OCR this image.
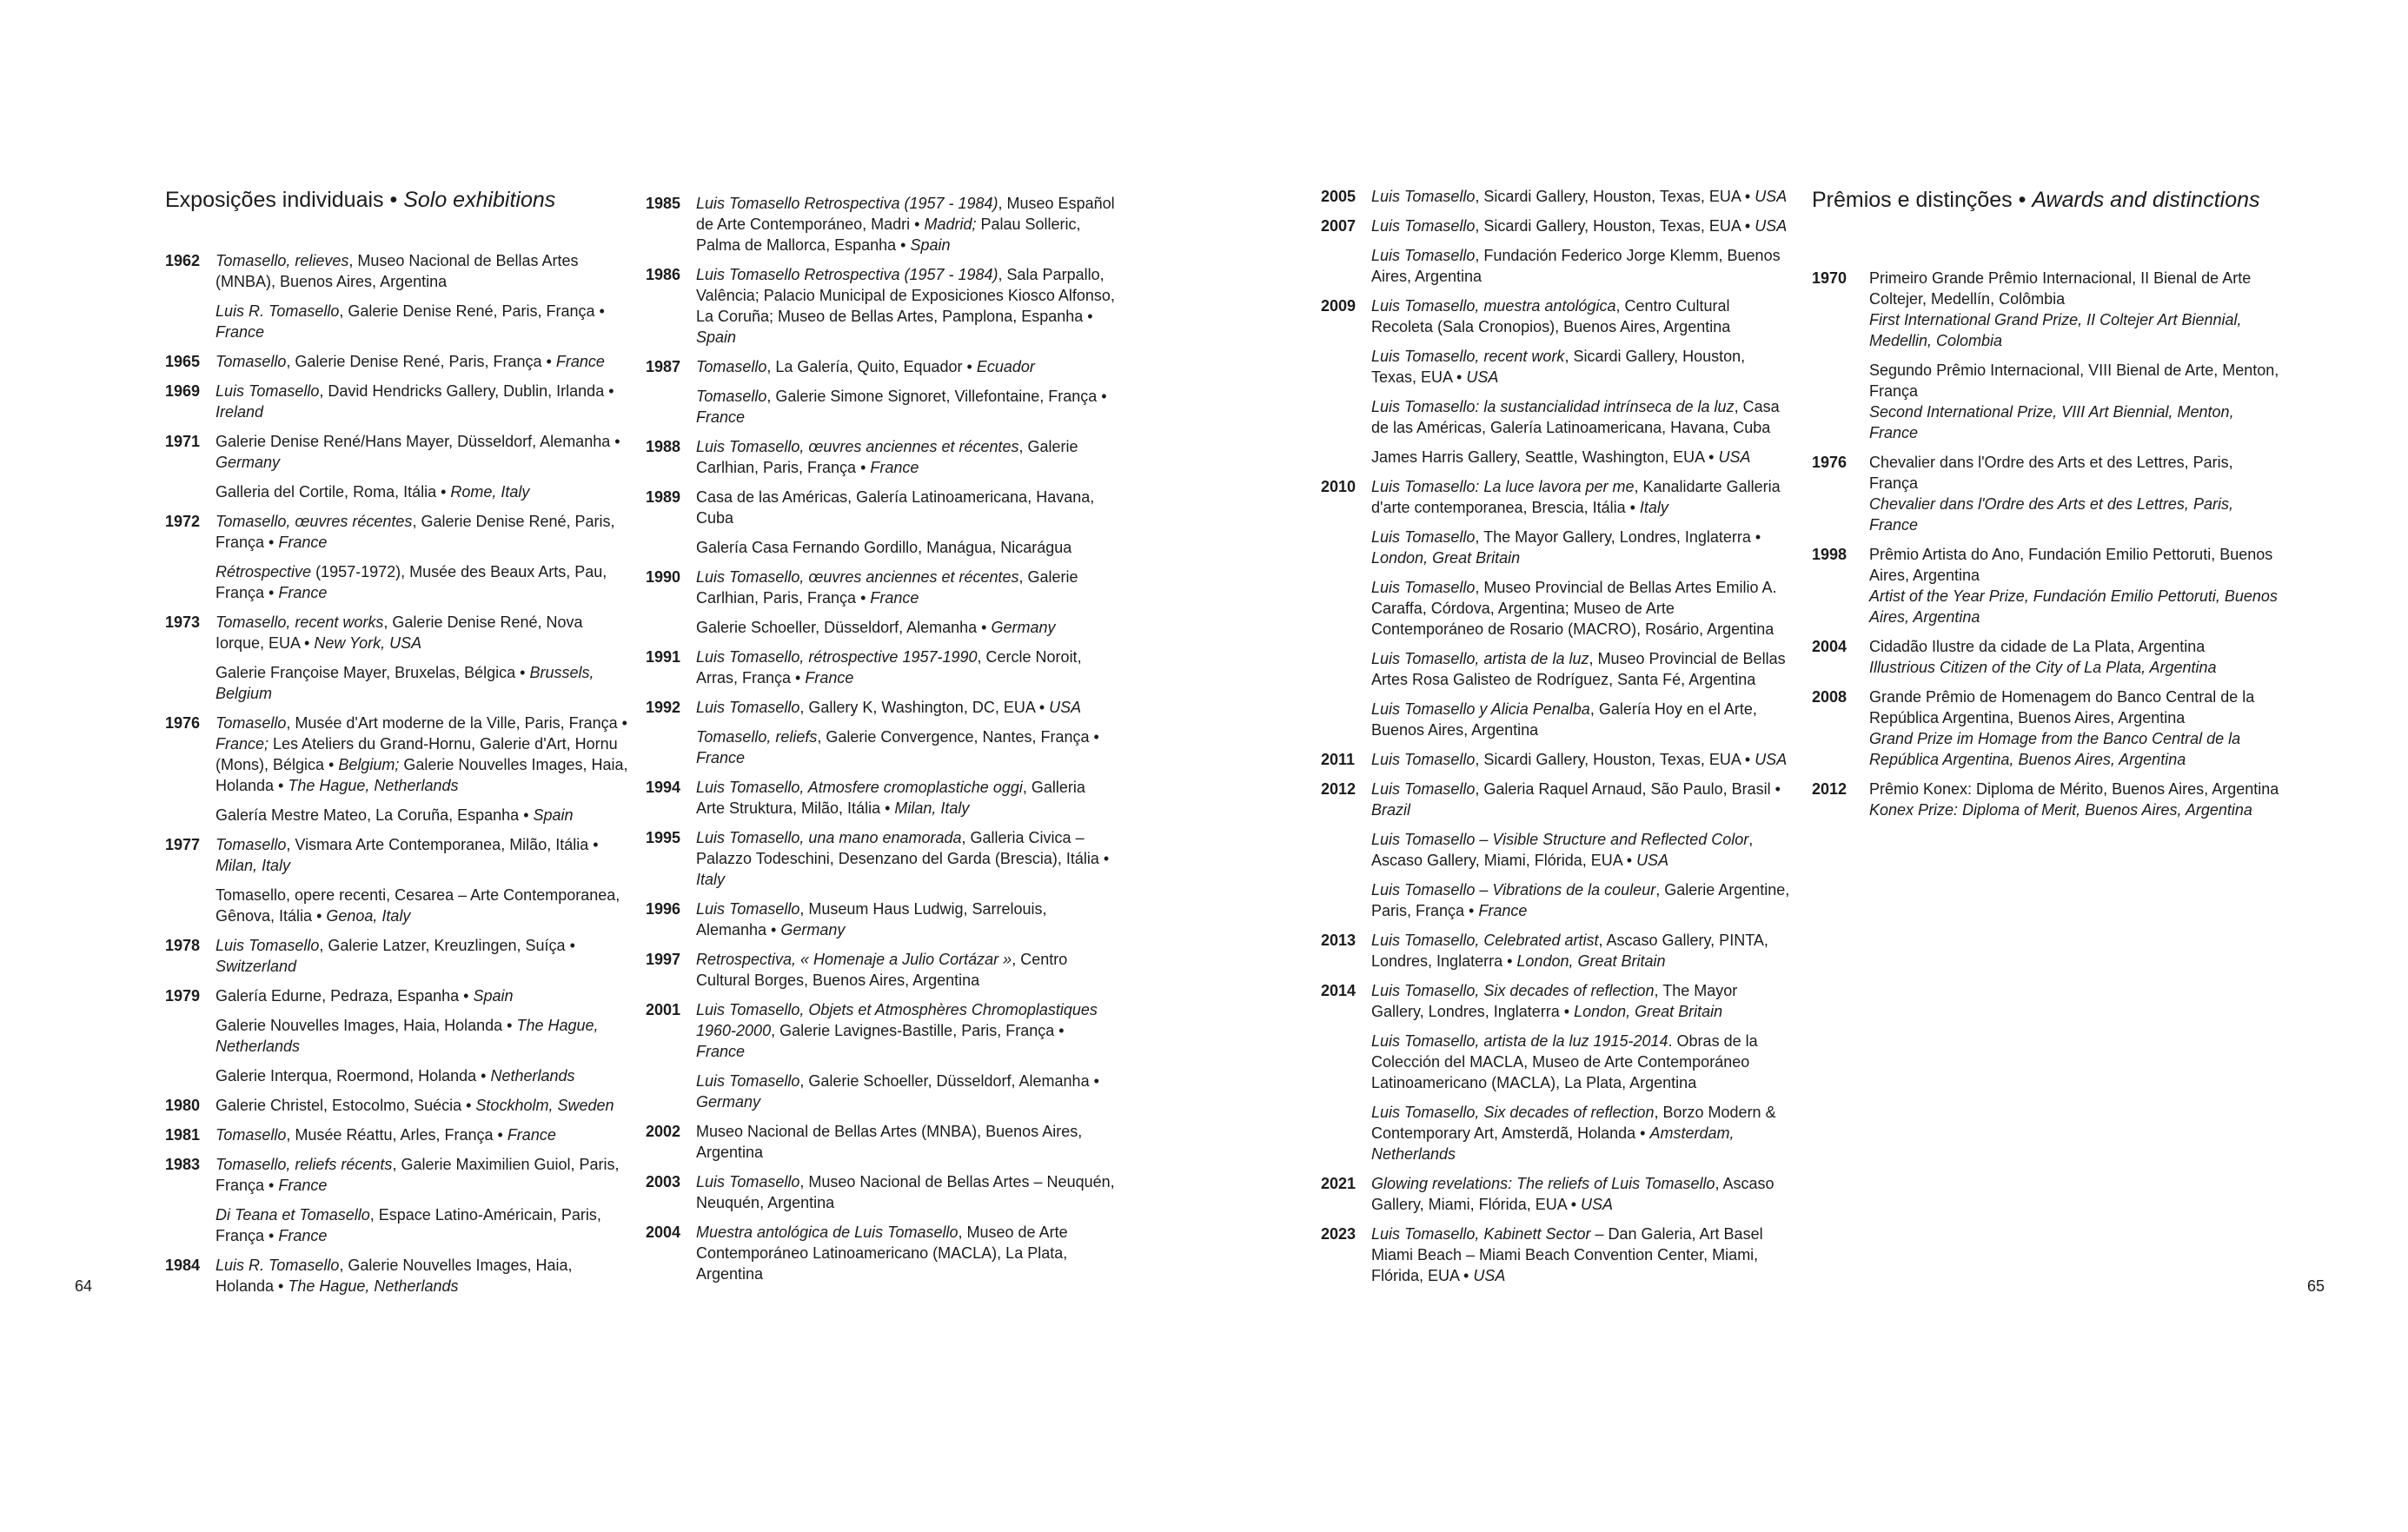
Exposições individuais • Solo exhibitions
1962 Tomasello, relieves, Museo Nacional de Bellas Artes (MNBA), Buenos Aires, Argentina
Luis R. Tomasello, Galerie Denise René, Paris, França • France
1965 Tomasello, Galerie Denise René, Paris, França • France
1969 Luis Tomasello, David Hendricks Gallery, Dublin, Irlanda • Ireland
1971 Galerie Denise René/Hans Mayer, Düsseldorf, Alemanha • Germany
Galleria del Cortile, Roma, Itália • Rome, Italy
1972 Tomasello, œuvres récentes, Galerie Denise René, Paris, França • France
Rétrospective (1957-1972), Musée des Beaux Arts, Pau, França • France
1973 Tomasello, recent works, Galerie Denise René, Nova Iorque, EUA • New York, USA
Galerie Françoise Mayer, Bruxelas, Bélgica • Brussels, Belgium
1976 Tomasello, Musée d'Art moderne de la Ville, Paris, França • France; Les Ateliers du Grand-Hornu, Galerie d'Art, Hornu (Mons), Bélgica • Belgium; Galerie Nouvelles Images, Haia, Holanda • The Hague, Netherlands
Galería Mestre Mateo, La Coruña, Espanha • Spain
1977 Tomasello, Vismara Arte Contemporanea, Milão, Itália • Milan, Italy
Tomasello, opere recenti, Cesarea – Arte Contemporanea, Gênova, Itália • Genoa, Italy
1978 Luis Tomasello, Galerie Latzer, Kreuzlingen, Suíça • Switzerland
1979 Galería Edurne, Pedraza, Espanha • Spain
Galerie Nouvelles Images, Haia, Holanda • The Hague, Netherlands
Galerie Interqua, Roermond, Holanda • Netherlands
1980 Galerie Christel, Estocolmo, Suécia • Stockholm, Sweden
1981 Tomasello, Musée Réattu, Arles, França • France
1983 Tomasello, reliefs récents, Galerie Maximilien Guiol, Paris, França • France
Di Teana et Tomasello, Espace Latino-Américain, Paris, França • France
1984 Luis R. Tomasello, Galerie Nouvelles Images, Haia, Holanda • The Hague, Netherlands
1985 Luis Tomasello Retrospectiva (1957 - 1984), Museo Español de Arte Contemporáneo, Madri • Madrid; Palau Solleric, Palma de Mallorca, Espanha • Spain
1986 Luis Tomasello Retrospectiva (1957 - 1984), Sala Parpallo, Valência; Palacio Municipal de Exposiciones Kiosco Alfonso, La Coruña; Museo de Bellas Artes, Pamplona, Espanha • Spain
1987 Tomasello, La Galería, Quito, Equador • Ecuador
Tomasello, Galerie Simone Signoret, Villefontaine, França • France
1988 Luis Tomasello, œuvres anciennes et récentes, Galerie Carlhian, Paris, França • France
1989 Casa de las Américas, Galería Latinoamericana, Havana, Cuba
Galería Casa Fernando Gordillo, Manágua, Nicarágua
1990 Luis Tomasello, œuvres anciennes et récentes, Galerie Carlhian, Paris, França • France
Galerie Schoeller, Düsseldorf, Alemanha • Germany
1991 Luis Tomasello, rétrospective 1957-1990, Cercle Noroit, Arras, França • France
1992 Luis Tomasello, Gallery K, Washington, DC, EUA • USA
Tomasello, reliefs, Galerie Convergence, Nantes, França • France
1994 Luis Tomasello, Atmosfere cromoplastiche oggi, Galleria Arte Struktura, Milão, Itália • Milan, Italy
1995 Luis Tomasello, una mano enamorada, Galleria Civica – Palazzo Todeschini, Desenzano del Garda (Brescia), Itália • Italy
1996 Luis Tomasello, Museum Haus Ludwig, Sarrelouis, Alemanha • Germany
1997 Retrospectiva, « Homenaje a Julio Cortázar », Centro Cultural Borges, Buenos Aires, Argentina
2001 Luis Tomasello, Objets et Atmosphères Chromoplastiques 1960-2000, Galerie Lavignes-Bastille, Paris, França • France
Luis Tomasello, Galerie Schoeller, Düsseldorf, Alemanha • Germany
2002 Museo Nacional de Bellas Artes (MNBA), Buenos Aires, Argentina
2003 Luis Tomasello, Museo Nacional de Bellas Artes – Neuquén, Neuquén, Argentina
2004 Muestra antológica de Luis Tomasello, Museo de Arte Contemporáneo Latinoamericano (MACLA), La Plata, Argentina
2005 Luis Tomasello, Sicardi Gallery, Houston, Texas, EUA • USA
2007 Luis Tomasello, Sicardi Gallery, Houston, Texas, EUA • USA
Luis Tomasello, Fundación Federico Jorge Klemm, Buenos Aires, Argentina
2009 Luis Tomasello, muestra antológica, Centro Cultural Recoleta (Sala Cronopios), Buenos Aires, Argentina
Luis Tomasello, recent work, Sicardi Gallery, Houston, Texas, EUA • USA
Luis Tomasello: la sustancialidad intrínseca de la luz, Casa de las Américas, Galería Latinoamericana, Havana, Cuba
James Harris Gallery, Seattle, Washington, EUA • USA
2010 Luis Tomasello: La luce lavora per me, Kanalidarte Galleria d'arte contemporanea, Brescia, Itália • Italy
Luis Tomasello, The Mayor Gallery, Londres, Inglaterra • London, Great Britain
Luis Tomasello, Museo Provincial de Bellas Artes Emilio A. Caraffa, Córdova, Argentina; Museo de Arte Contemporáneo de Rosario (MACRO), Rosário, Argentina
Luis Tomasello, artista de la luz, Museo Provincial de Bellas Artes Rosa Galisteo de Rodríguez, Santa Fé, Argentina
Luis Tomasello y Alicia Penalba, Galería Hoy en el Arte, Buenos Aires, Argentina
2011	Luis Tomasello, Sicardi Gallery, Houston, Texas, EUA • USA
2012 Luis Tomasello, Galeria Raquel Arnaud, São Paulo, Brasil • Brazil
Luis Tomasello – Visible Structure and Reflected Color, Ascaso Gallery, Miami, Flórida, EUA • USA
Luis Tomasello – Vibrations de la couleur, Galerie Argentine, Paris, França • France
2013 Luis Tomasello, Celebrated artist, Ascaso Gallery, PINTA, Londres, Inglaterra • London, Great Britain
2014 Luis Tomasello, Six decades of reflection, The Mayor Gallery, Londres, Inglaterra • London, Great Britain
Luis Tomasello, artista de la luz 1915-2014. Obras de la Colección del MACLA, Museo de Arte Contemporáneo Latinoamericano (MACLA), La Plata, Argentina
Luis Tomasello, Six decades of reflection, Borzo Modern & Contemporary Art, Amsterdã, Holanda • Amsterdam, Netherlands
2021 Glowing revelations: The reliefs of Luis Tomasello, Ascaso Gallery, Miami, Flórida, EUA • USA
2023 Luis Tomasello, Kabinett Sector – Dan Galeria, Art Basel Miami Beach – Miami Beach Convention Center, Miami, Flórida, EUA • USA
Prêmios e distinções • Awards and distinctions
1970	Primeiro Grande Prêmio Internacional, II Bienal de Arte Coltejer, Medellín, Colômbia
First International Grand Prize, II Coltejer Art Biennial, Medellin, Colombia
Segundo Prêmio Internacional, VIII Bienal de Arte, Menton, França
Second International Prize, VIII Art Biennial, Menton, France
1976	Chevalier dans l'Ordre des Arts et des Lettres, Paris, França
Chevalier dans l'Ordre des Arts et des Lettres, Paris, France
1998	Prêmio Artista do Ano, Fundación Emilio Pettoruti, Buenos Aires, Argentina
Artist of the Year Prize, Fundación Emilio Pettoruti, Buenos Aires, Argentina
2004	Cidadão Ilustre da cidade de La Plata, Argentina
Illustrious Citizen of the City of La Plata, Argentina
2008	Grande Prêmio de Homenagem do Banco Central de la República Argentina, Buenos Aires, Argentina
Grand Prize im Homage from the Banco Central de la República Argentina, Buenos Aires, Argentina
2012	Prêmio Konex: Diploma de Mérito, Buenos Aires, Argentina
Konex Prize: Diploma of Merit, Buenos Aires, Argentina
64	65
